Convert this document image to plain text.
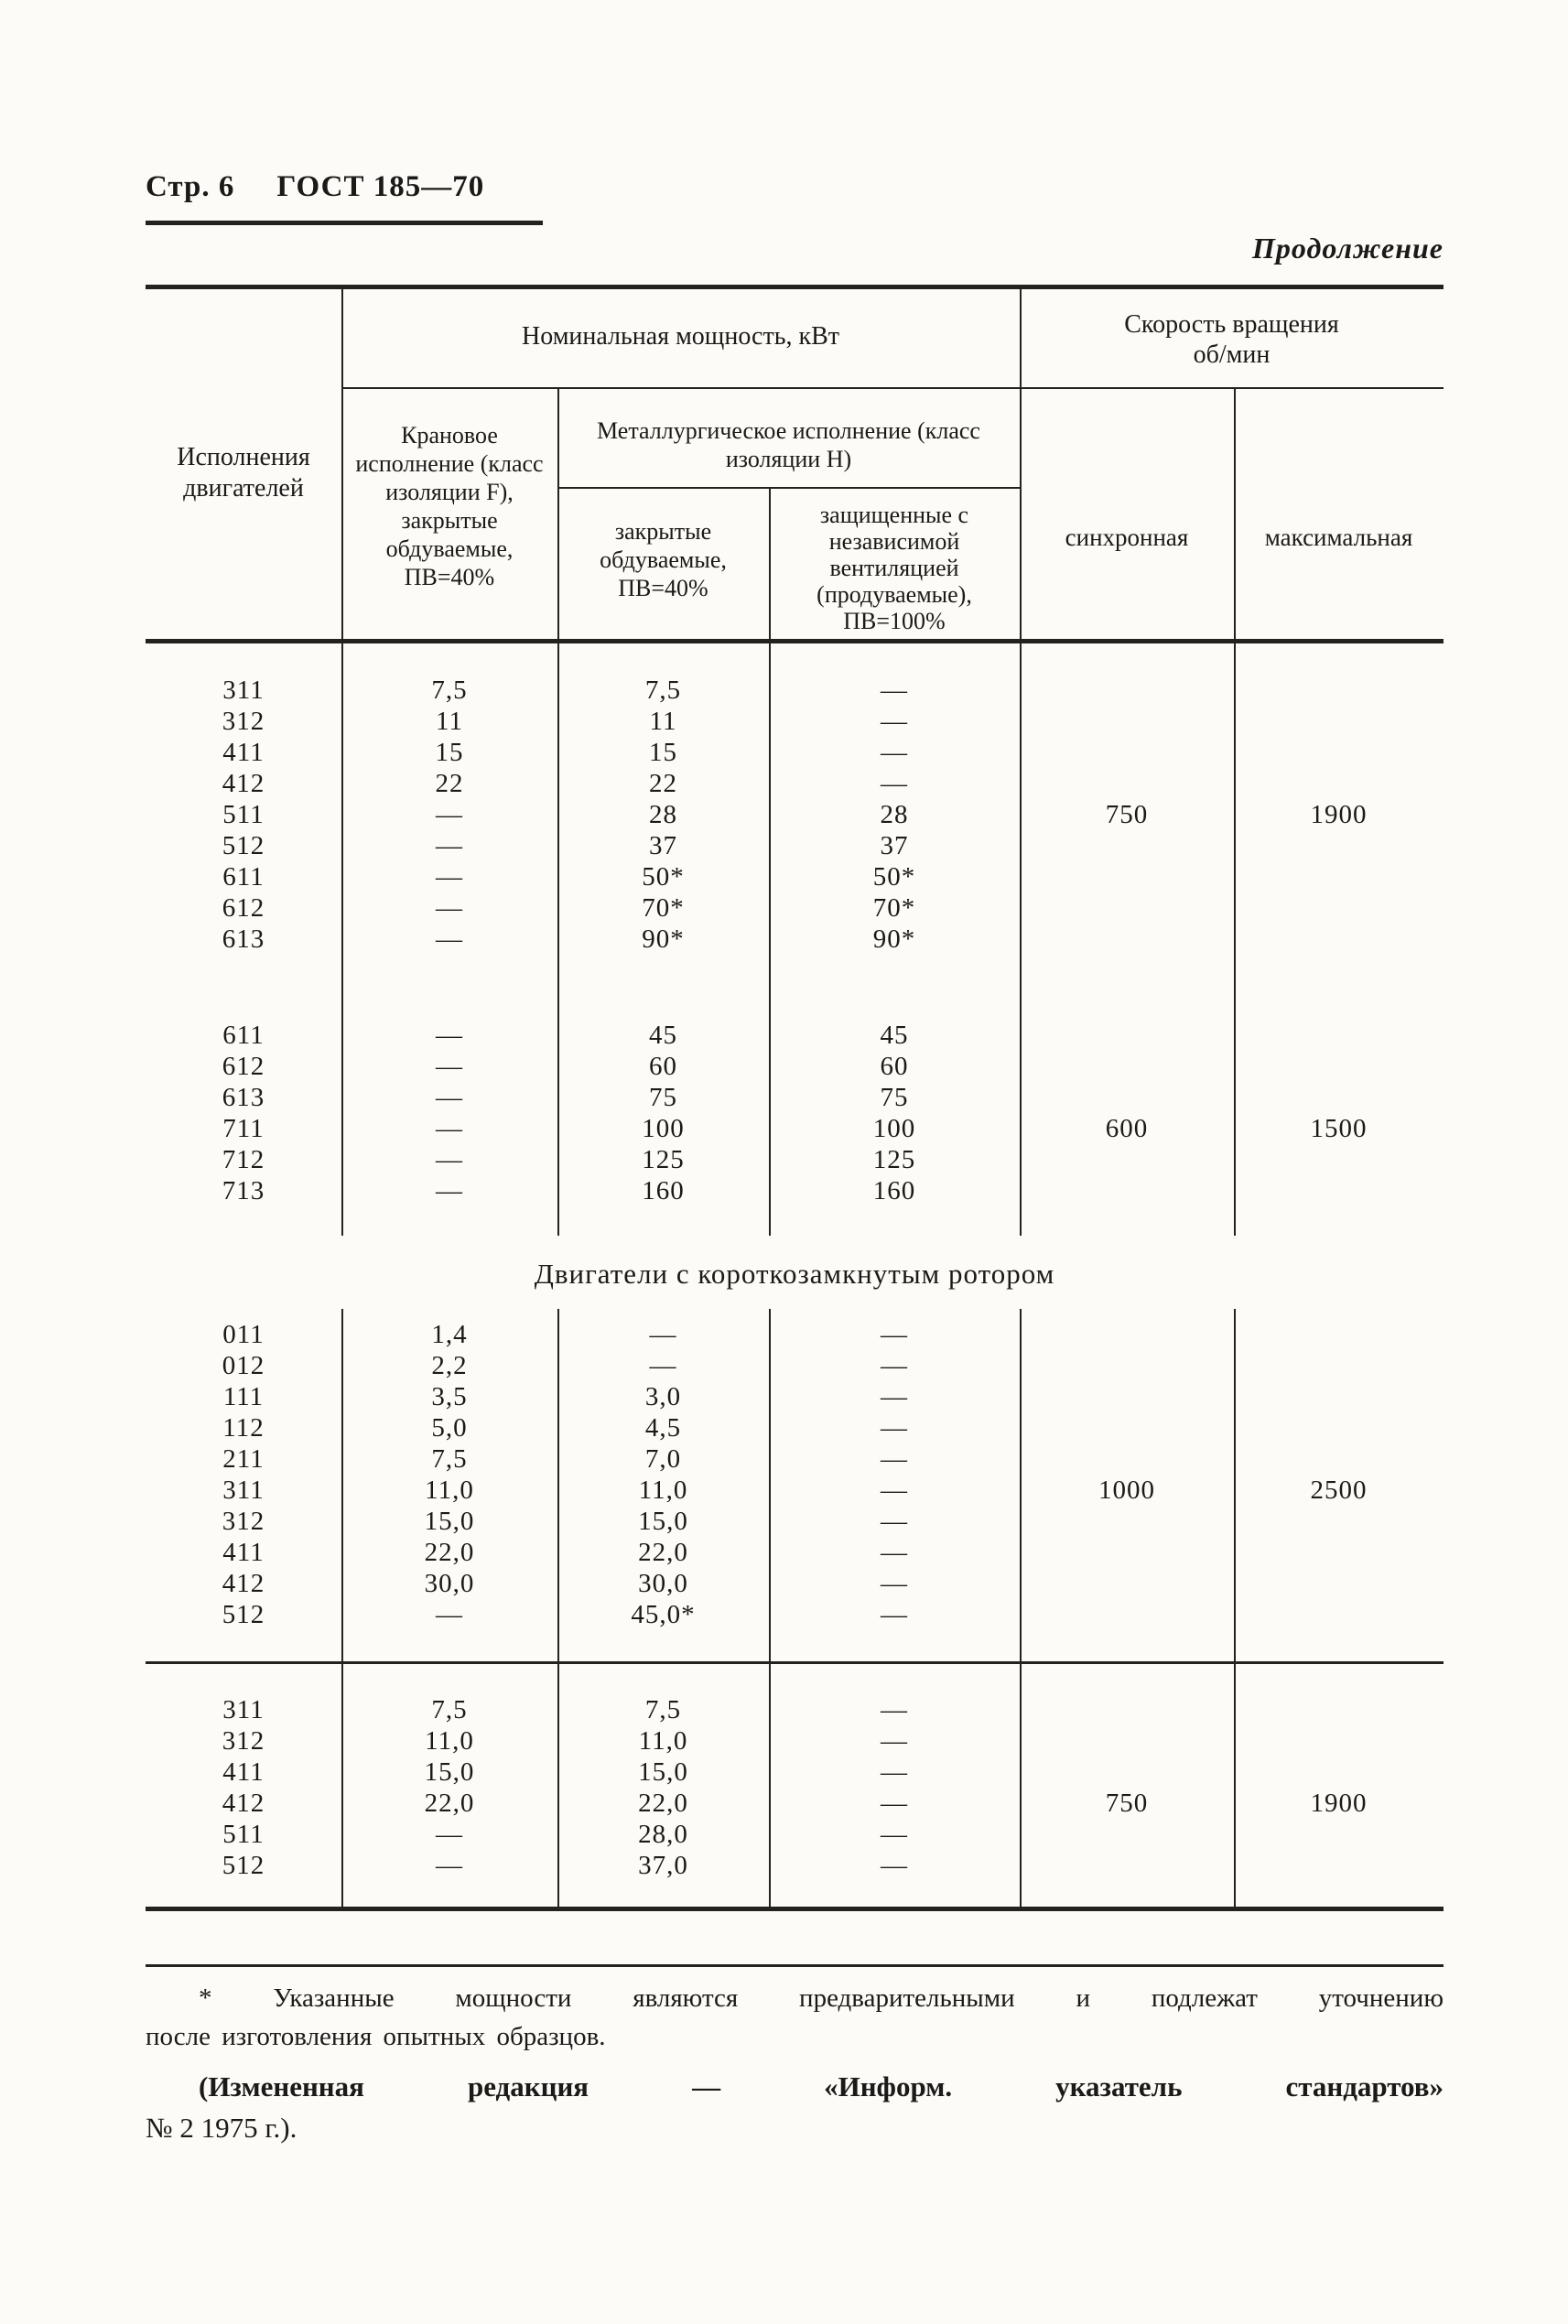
Стр. 6 ГОСТ 185—70
Продолжение
Исполнения двигателей
Номинальная мощность, кВт
Крановое исполнение (класс изоляции F), закрытые обдуваемые, ПВ=40%
Металлургическое исполнение (класс изоляции Н)
закрытые обдуваемые, ПВ=40%
защищенные с независимой вентиляцией (продуваемые), ПВ=100%
Скорость вращения
об/мин
синхронная	максимальная
311	7,5	7,5	—
312	11	11	—
411	15	15	—
412	22	22	—
511	—	28	28
512	—	37	37
611	—	50*	50*
612	—	70*	70*
613	—	90*	90*
750	1900
611	—	45	45
612	—	60	60
613	—	75	75
711	—	100	100
712	—	125	125
713	—	160	160
600	1500
Двигатели с короткозамкнутым ротором
011	1,4	—	—
012	2,2	—	—
111	3,5	3,0	—
112	5,0	4,5	—
211	7,5	7,0	—
311	11,0	11,0	—
312	15,0	15,0	—
411	22,0	22,0	—
412	30,0	30,0	—
512	—	45,0*	—
1000	2500
311	7,5	7,5	—
312	11,0	11,0	—
411	15,0	15,0	—
412	22,0	22,0	—
511	—	28,0	—
512	—	37,0	—
750	1900
* Указанные мощности являются предварительными и подлежат уточнению
после изготовления опытных образцов.
(Измененная редакция — «Информ. указатель стандартов»
№ 2 1975 г.).
